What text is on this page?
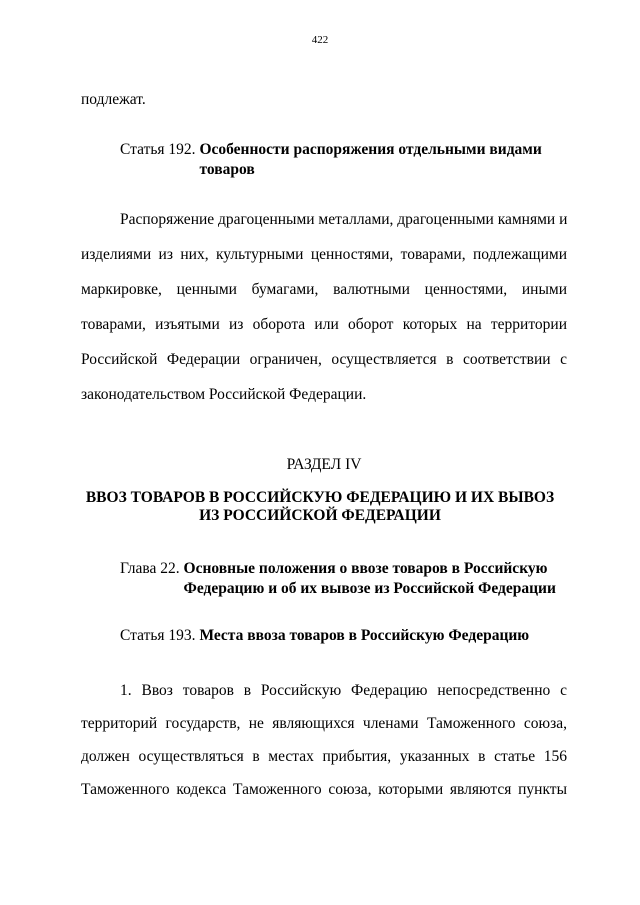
422
подлежат.
Статья 192.
Особенности распоряжения отдельными видами
товаров
Распоряжение драгоценными металлами, драгоценными камнями и
изделиями из них, культурными ценностями, товарами, подлежащими
маркировке, ценными бумагами, валютными ценностями, иными
товарами, изъятыми из оборота или оборот которых на территории
Российской Федерации ограничен, осуществляется в соответствии с
законодательством Российской Федерации.
РАЗДЕЛ IV
ВВОЗ ТОВАРОВ В РОССИЙСКУЮ ФЕДЕРАЦИЮ И ИХ ВЫВОЗ
ИЗ РОССИЙСКОЙ ФЕДЕРАЦИИ
Глава 22.
Основные положения о ввозе товаров в Российскую
Федерацию и об их вывозе из Российской Федерации
Статья 193.
Места ввоза товаров в Российскую Федерацию
1. Ввоз товаров в Российскую Федерацию непосредственно с
территорий государств, не являющихся членами Таможенного союза,
должен осуществляться в местах прибытия, указанных в статье 156
Таможенного кодекса Таможенного союза, которыми являются пункты
